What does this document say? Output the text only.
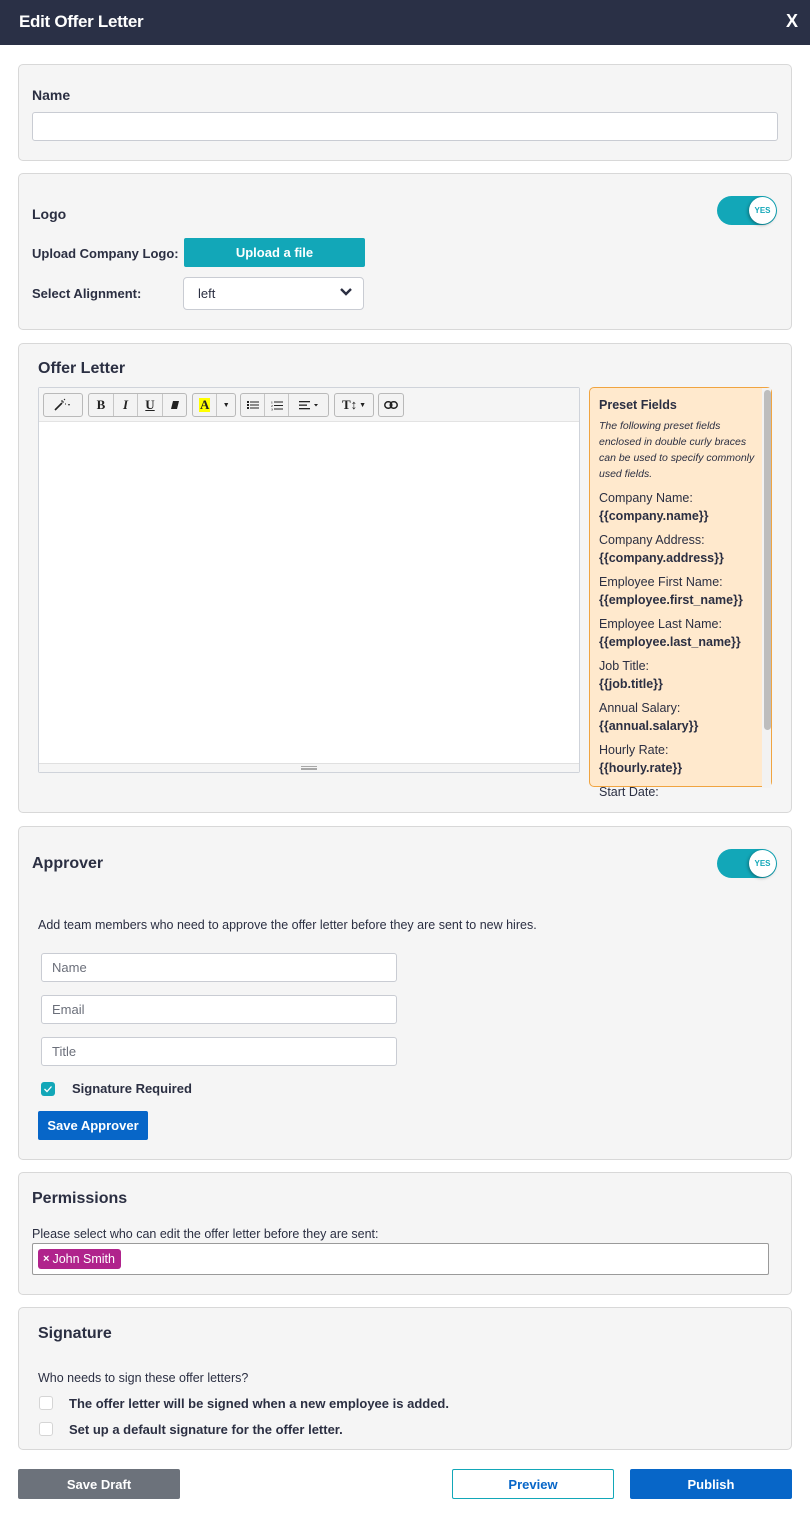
Edit Offer Letter	X
Name
Logo	YES
Upload Company Logo:	Upload a file
Select Alignment:	left
Offer Letter
B	I	U	A	▼	1
2
3	T↕ ▼	Preset Fields
The following preset fields enclosed in double curly braces can be used to specify commonly used fields.
Company Name:
{{company.name}}
Company Address:
{{company.address}}
Employee First Name:
{{employee.first_name}}
Employee Last Name:
{{employee.last_name}}
Job Title:
{{job.title}}
Annual Salary:
{{annual.salary}}
Hourly Rate:
{{hourly.rate}}
Start Date:
Approver	YES
Add team members who need to approve the offer letter before they are sent to new hires.
Name
Email
Title
Signature Required
Save Approver
Permissions
Please select who can edit the offer letter before they are sent:
× John Smith
Signature
Who needs to sign these offer letters?
The offer letter will be signed when a new employee is added.
Set up a default signature for the offer letter.
Save Draft	Preview	Publish
